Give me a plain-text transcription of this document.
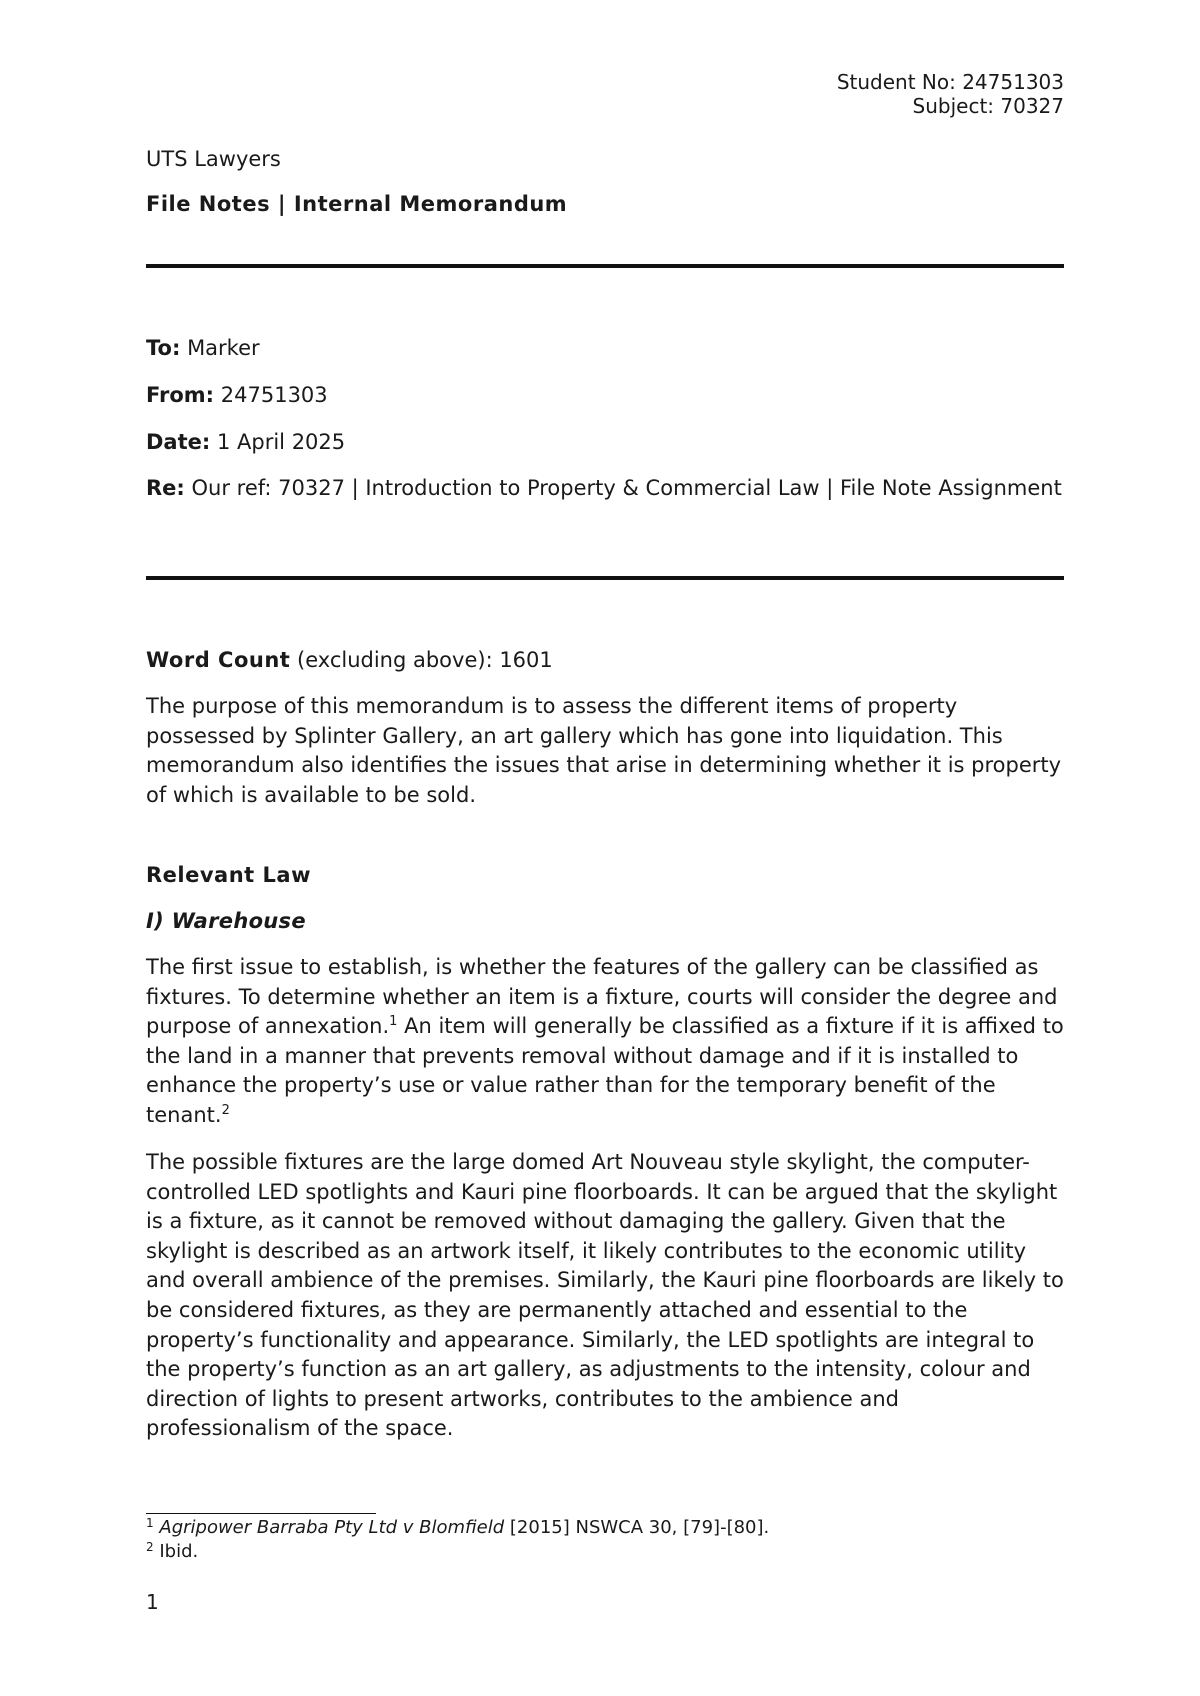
Student No: 24751303
Subject: 70327
UTS Lawyers
File Notes | Internal Memorandum
To: Marker
From: 24751303
Date: 1 April 2025
Re: Our ref: 70327 | Introduction to Property & Commercial Law | File Note Assignment
Word Count (excluding above): 1601

The purpose of this memorandum is to assess the different items of property possessed by Splinter Gallery, an art gallery which has gone into liquidation. This memorandum also identifies the issues that arise in determining whether it is property of which is available to be sold.

Relevant Law
I) Warehouse

The first issue to establish, is whether the features of the gallery can be classified as fixtures. To determine whether an item is a fixture, courts will consider the degree and purpose of annexation.$^1$ An item will generally be classified as a fixture if it is affixed to the land in a manner that prevents removal without damage and if it is installed to enhance the property’s use or value rather than for the temporary benefit of the tenant.$^2$

The possible fixtures are the large domed Art Nouveau style skylight, the computer-controlled LED spotlights and Kauri pine floorboards. It can be argued that the skylight is a fixture, as it cannot be removed without damaging the gallery. Given that the skylight is described as an artwork itself, it likely contributes to the economic utility and overall ambience of the premises. Similarly, the Kauri pine floorboards are likely to be considered fixtures, as they are permanently attached and essential to the property’s functionality and appearance. Similarly, the LED spotlights are integral to the property’s function as an art gallery, as adjustments to the intensity, colour and direction of lights to present artworks, contributes to the ambience and professionalism of the space.

$^1$ Agripower Barraba Pty Ltd v Blomfield [2015] NSWCA 30, [79]-[80].
$^2$ Ibid.
1
